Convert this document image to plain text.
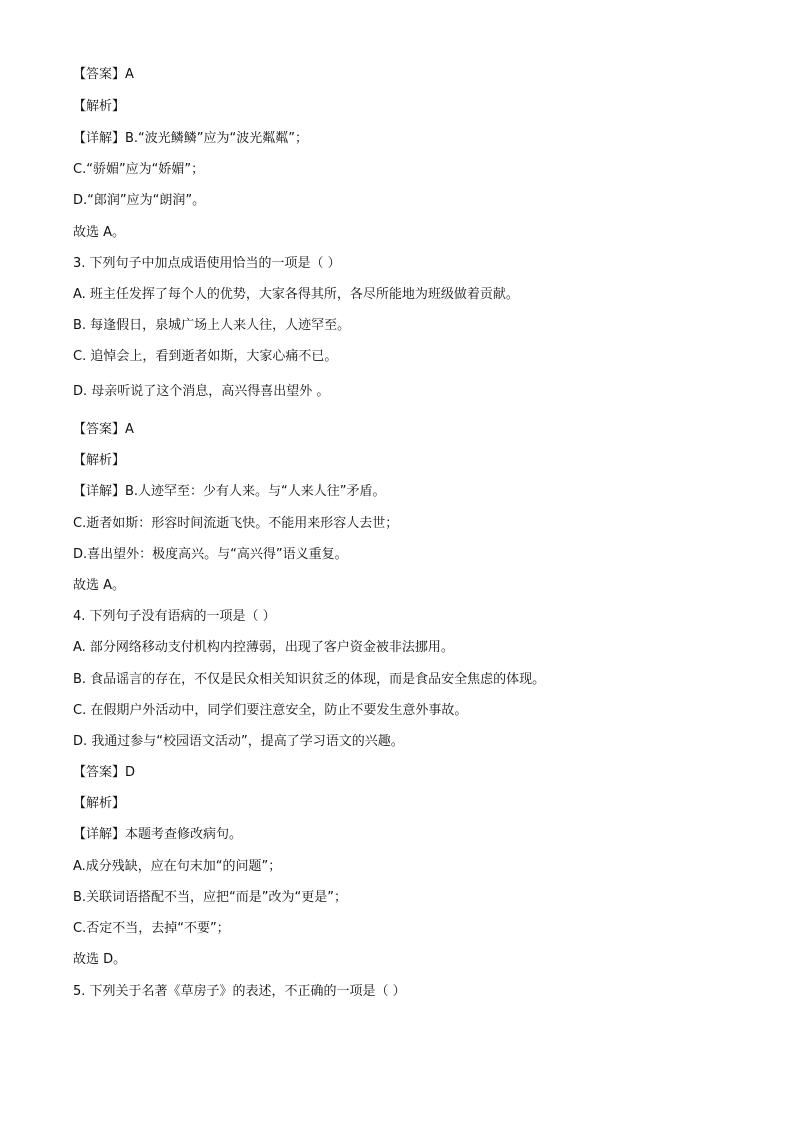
【答案】A
【解析】
【详解】B.“波光鳞鳞”应为“波光粼粼”；
C.“骄媚”应为“娇媚”；
D.“郎润”应为“朗润”。
故选 A。
3. 下列句子中加点成语使用恰当的一项是（ ）
A. 班主任发挥了每个人的优势，大家各得其所，各尽所能地为班级做着贡献。
B. 每逢假日，泉城广场上人来人往，人迹罕至。
C. 追悼会上，看到逝者如斯，大家心痛不已。
D. 母亲听说了这个消息，高兴得喜出望外 。
【答案】A
【解析】
【详解】B.人迹罕至：少有人来。与“人来人往”矛盾。
C.逝者如斯：形容时间流逝飞快。不能用来形容人去世；
D.喜出望外：极度高兴。与“高兴得”语义重复。
故选 A。
4. 下列句子没有语病的一项是（ ）
A. 部分网络移动支付机构内控薄弱，出现了客户资金被非法挪用。
B. 食品谣言的存在，不仅是民众相关知识贫乏的体现，而是食品安全焦虑的体现。
C. 在假期户外活动中，同学们要注意安全，防止不要发生意外事故。
D. 我通过参与“校园语文活动”，提高了学习语文的兴趣。
【答案】D
【解析】
【详解】本题考查修改病句。
A.成分残缺，应在句末加“的问题”；
B.关联词语搭配不当，应把“而是”改为“更是”；
C.否定不当，去掉“不要”；
故选 D。
5. 下列关于名著《草房子》的表述，不正确的一项是（ ）
